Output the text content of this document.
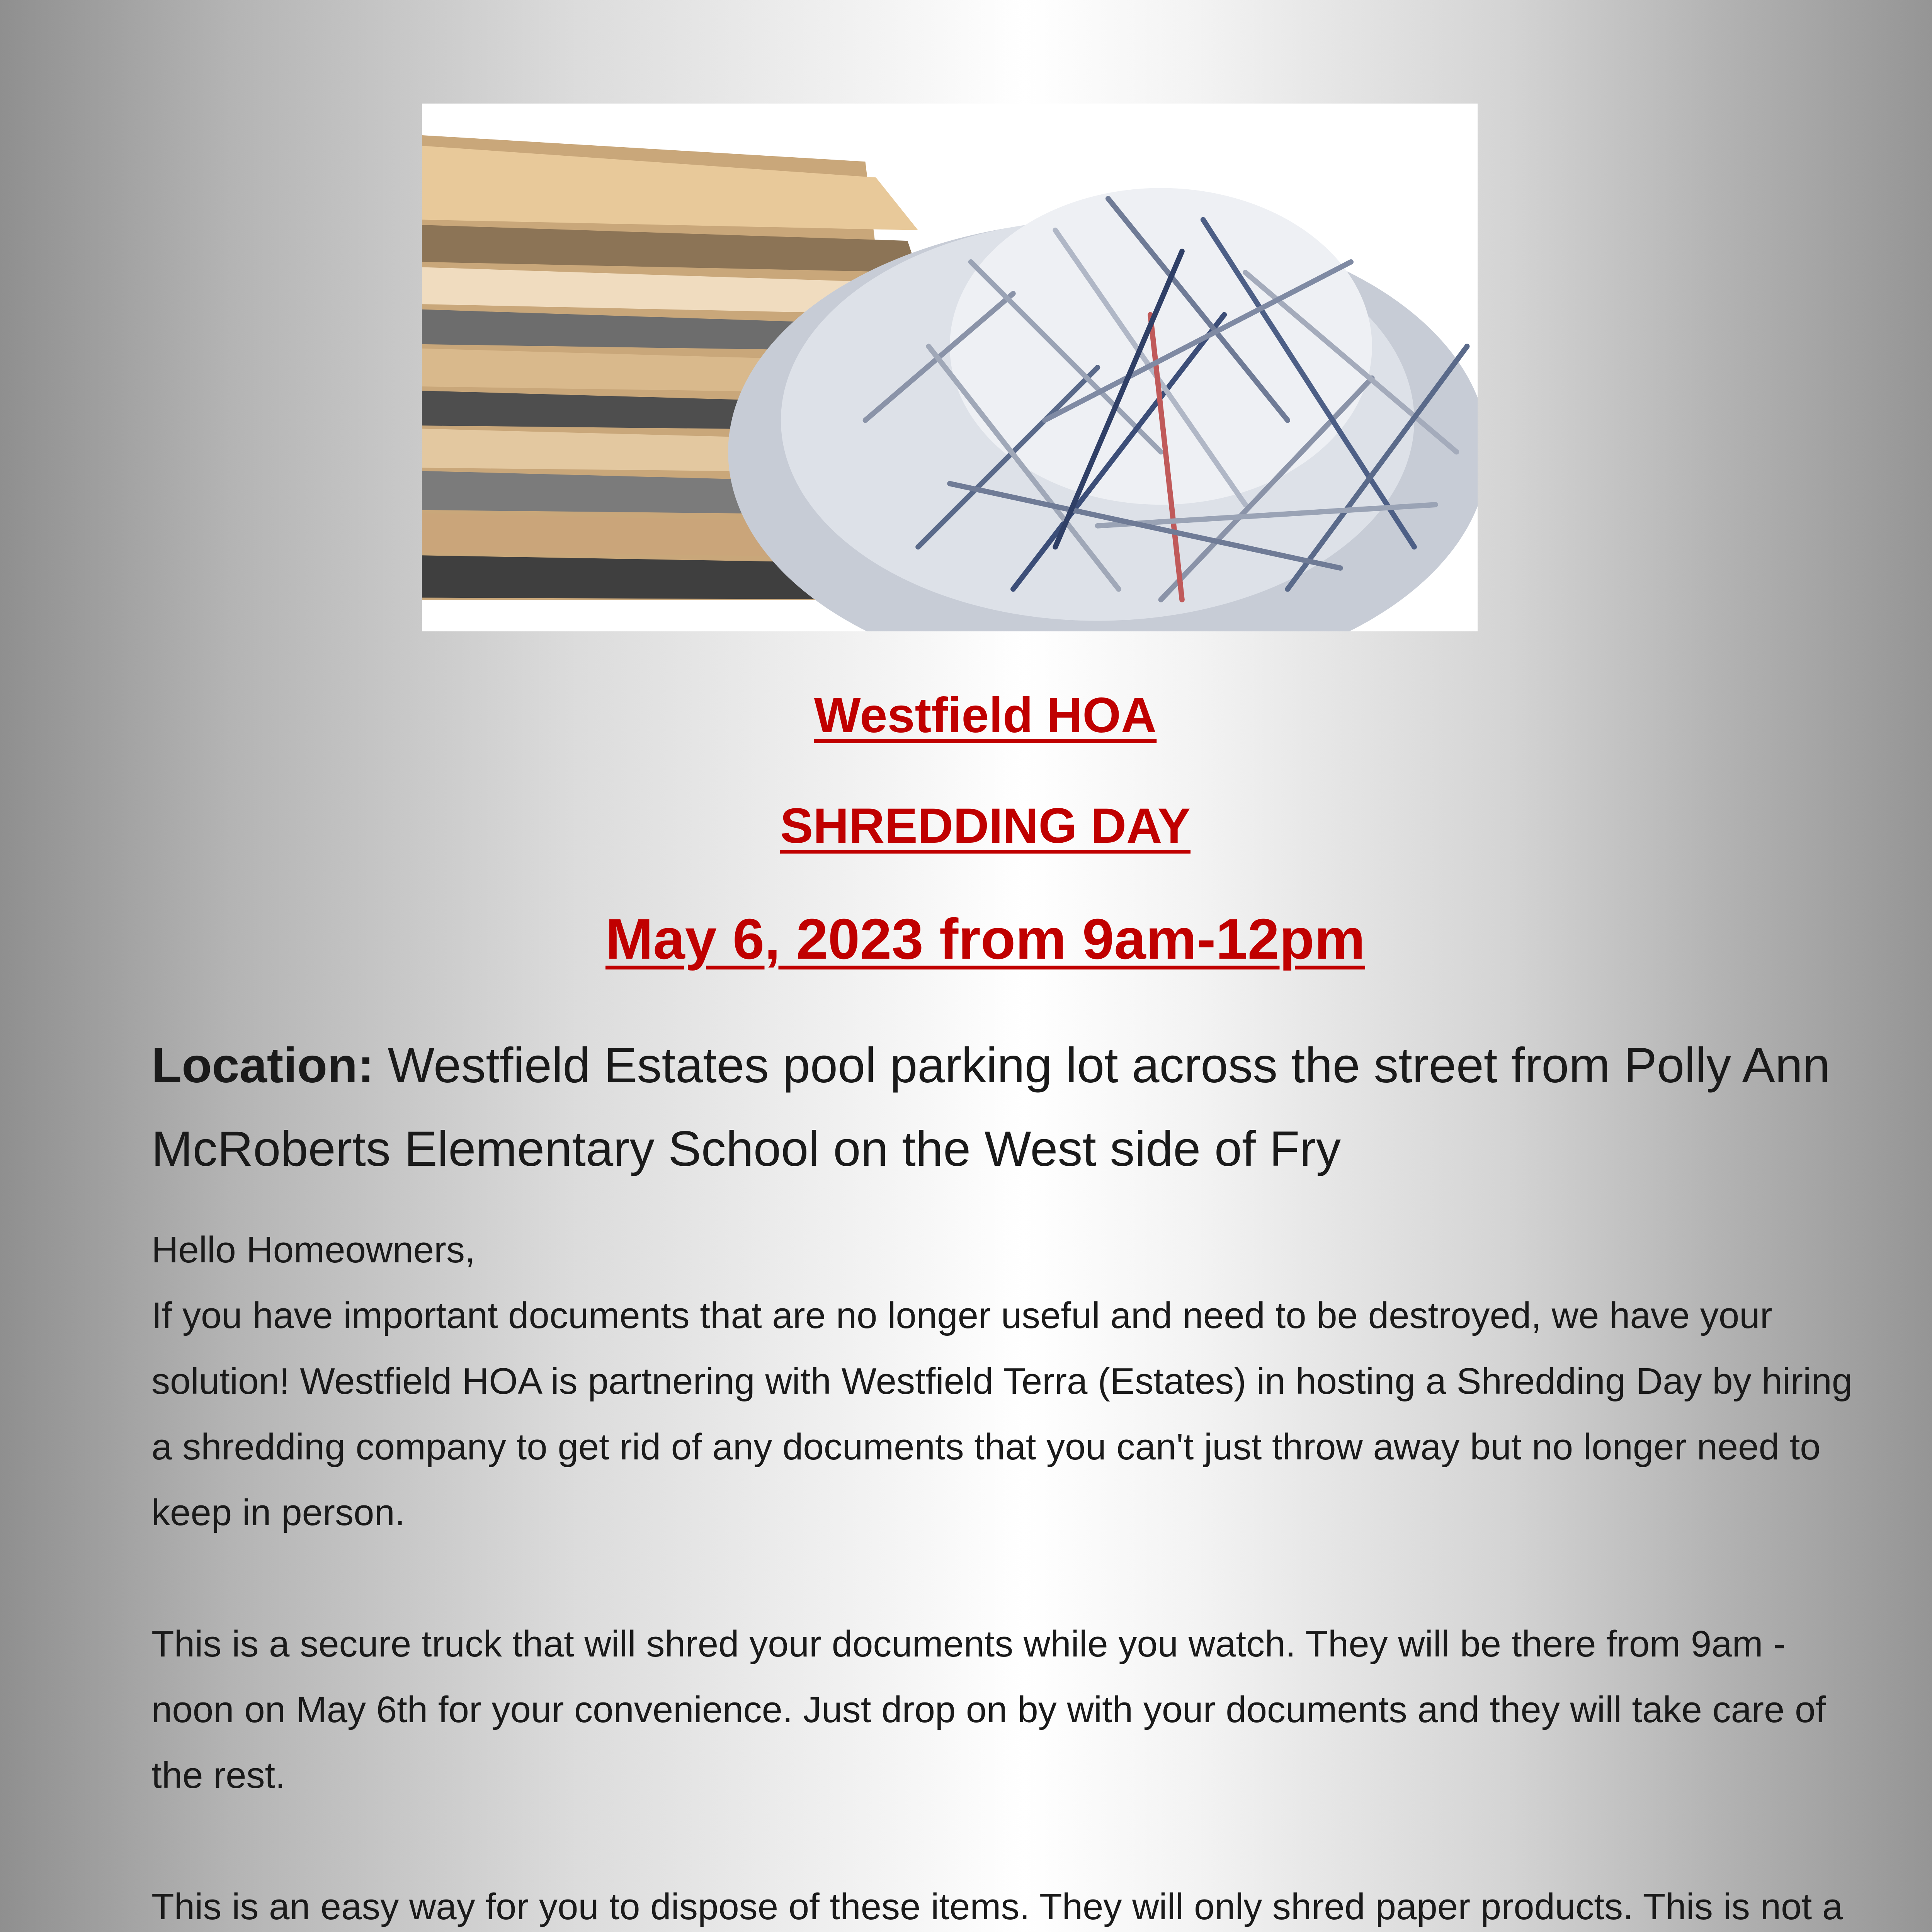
Westfield HOA
SHREDDING DAY
May 6, 2023 from 9am-12pm
Location: Westfield Estates pool parking lot across the street from Polly Ann McRoberts Elementary School on the West side of Fry

Hello Homeowners,

If you have important documents that are no longer useful and need to be destroyed, we have your solution! Westfield HOA is partnering with Westfield Terra (Estates) in hosting a Shredding Day by hiring a shredding company to get rid of any documents that you can't just throw away but no longer need to keep in person.

This is a secure truck that will shred your documents while you watch. They will be there from 9am - noon on May 6th for your convenience. Just drop on by with your documents and they will take care of the rest.

This is an easy way for you to dispose of these items. They will only shred paper products. This is not a
